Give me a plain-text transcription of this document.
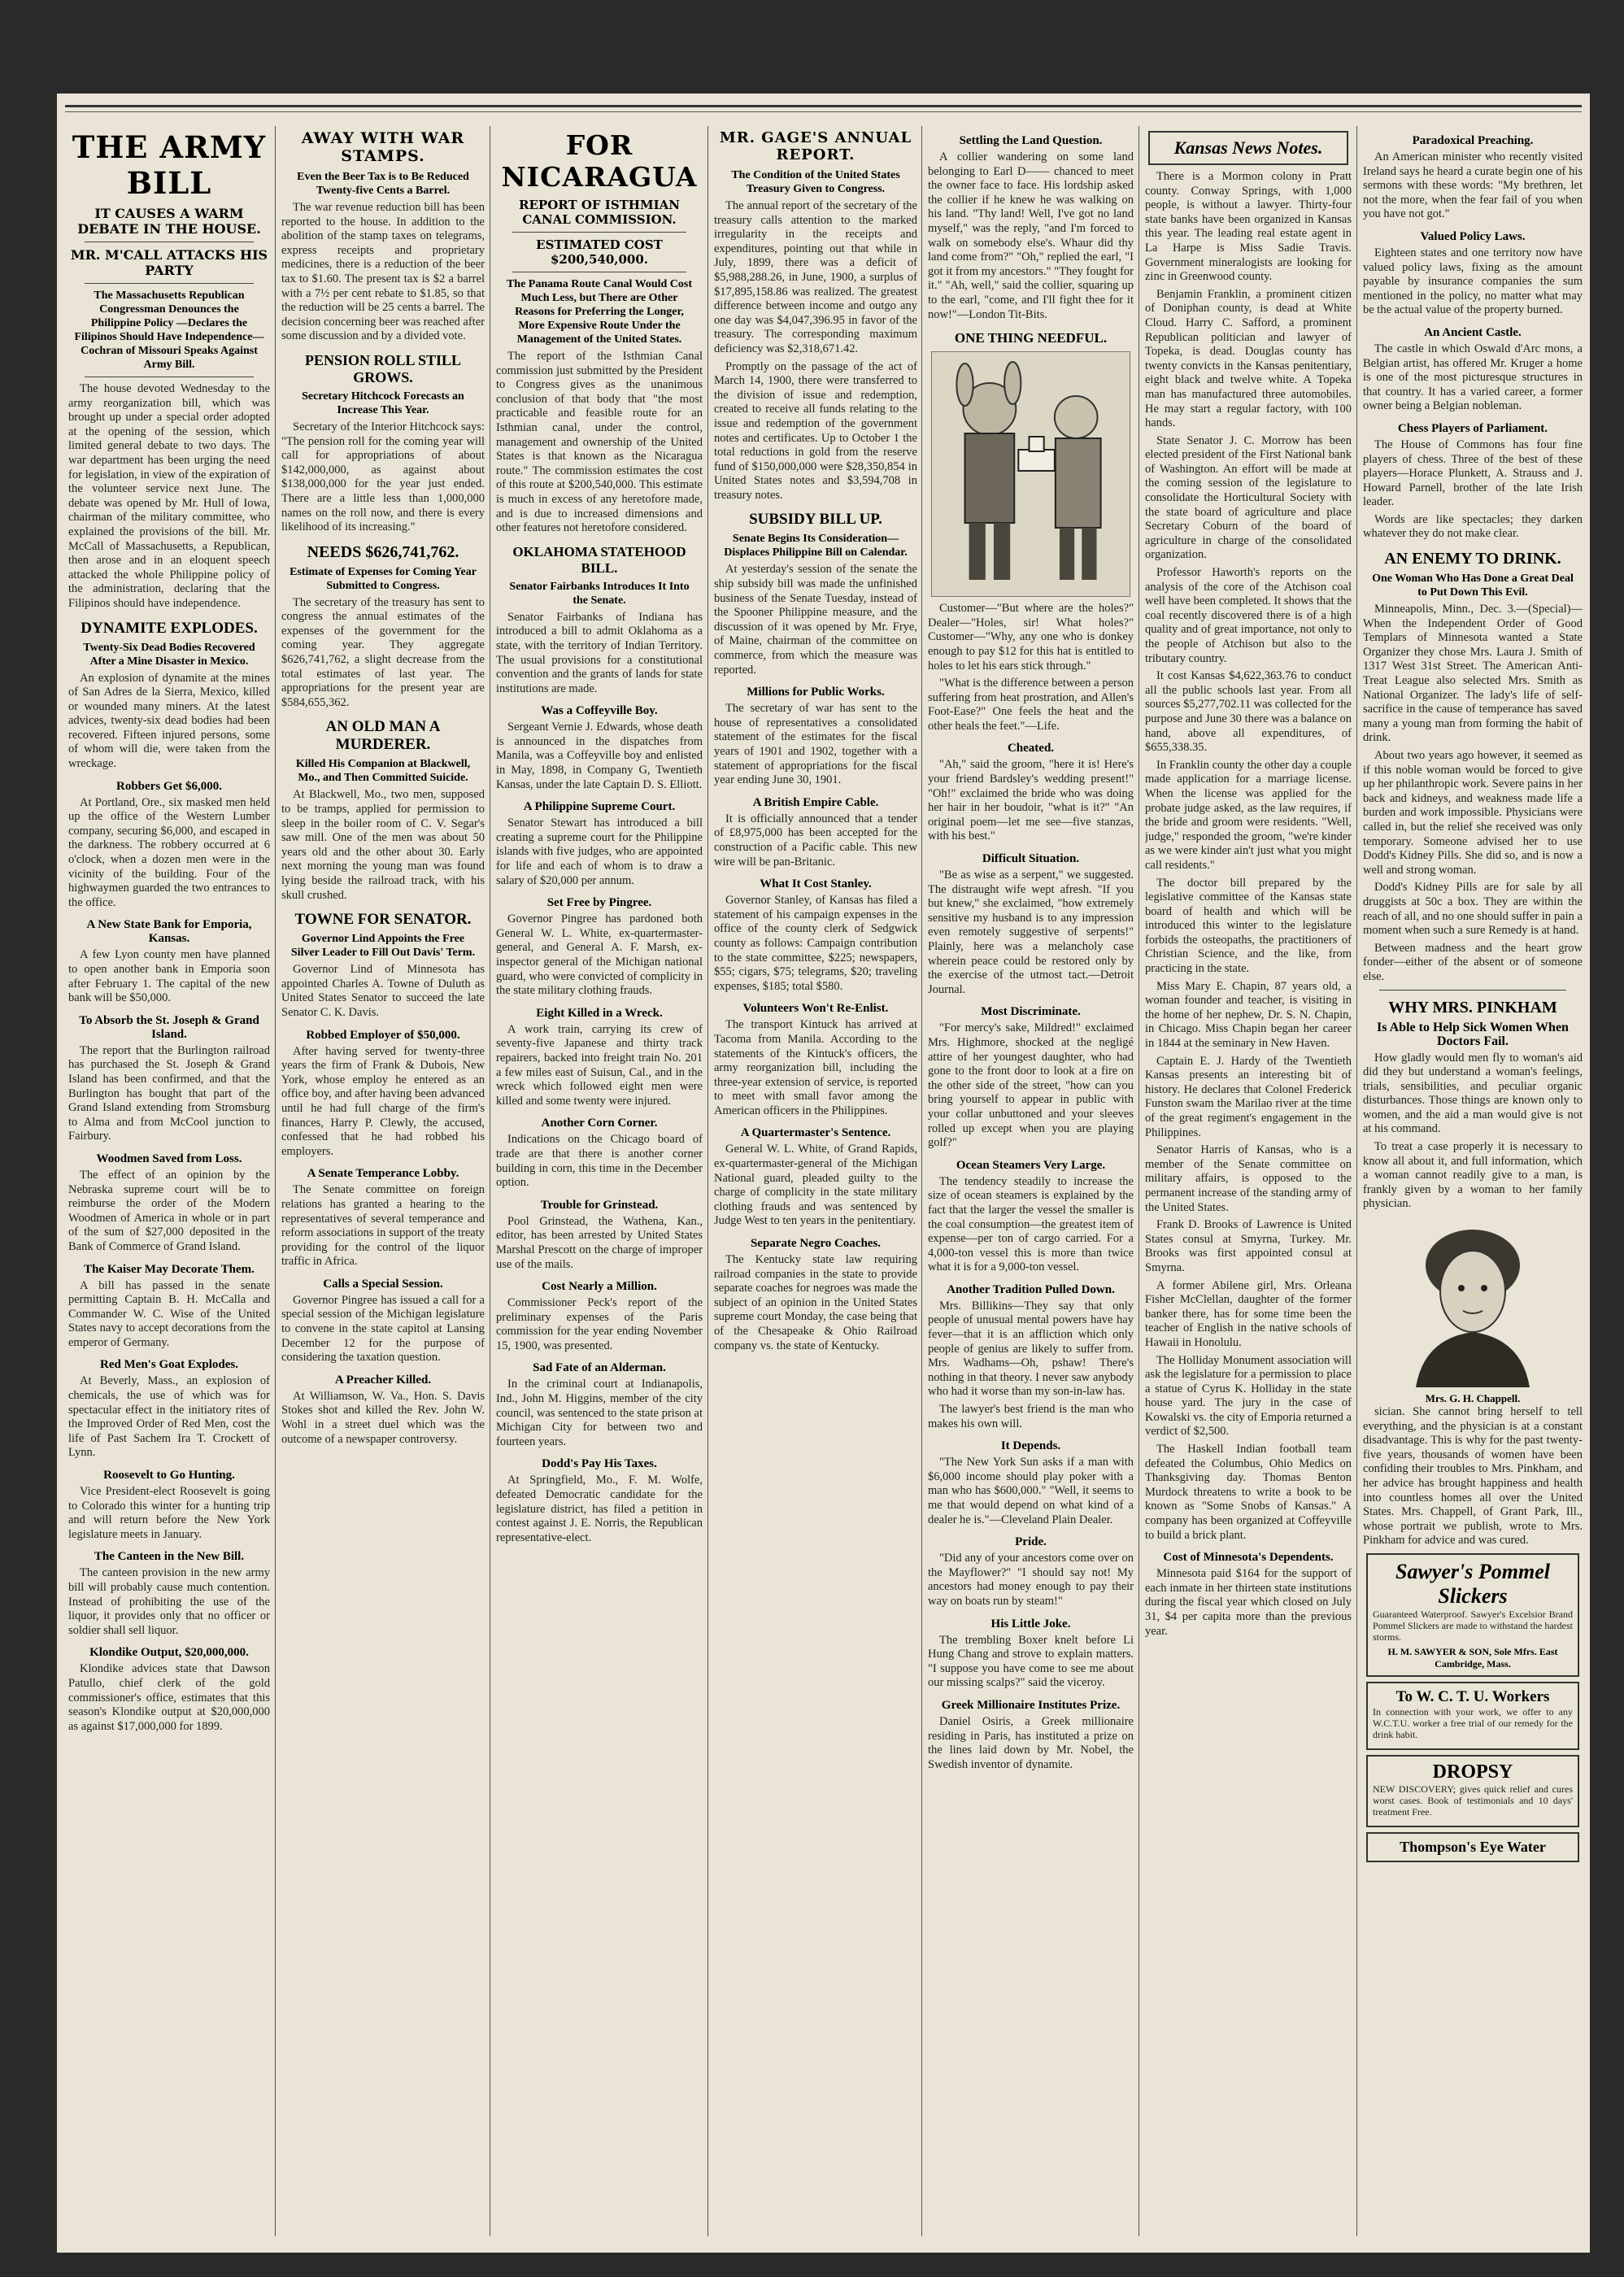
THE ARMY BILL
IT CAUSES A WARM DEBATE IN THE HOUSE.
MR. M'CALL ATTACKS HIS PARTY
The Massachusetts Republican Congressman Denounces the Philippine Policy —Declares the Filipinos Should Have Independence—Cochran of Missouri Speaks Against Army Bill.

The house devoted Wednesday to the army reorganization bill, which was brought up under a special order adopted at the opening of the session, which limited general debate to two days. The war department has been urging the need for legislation, in view of the expiration of the volunteer service next June. The debate was opened by Mr. Hull of Iowa, chairman of the military committee, who explained the provisions of the bill. Mr. McCall of Massachusetts, a Republican, then arose and in an eloquent speech attacked the whole Philippine policy of the administration, declaring that the Filipinos should have independence.

DYNAMITE EXPLODES.
Twenty-Six Dead Bodies Recovered After a Mine Disaster in Mexico.

An explosion of dynamite at the mines of San Adres de la Sierra, Mexico, killed or wounded many miners. At the latest advices, twenty-six dead bodies had been recovered. Fifteen injured persons, some of whom will die, were taken from the wreckage.

Robbers Get $6,000.

At Portland, Ore., six masked men held up the office of the Western Lumber company, securing $6,000, and escaped in the darkness. The robbery occurred at 6 o'clock, when a dozen men were in the vicinity of the building. Four of the highwaymen guarded the two entrances to the office.

A New State Bank for Emporia, Kansas.

A few Lyon county men have planned to open another bank in Emporia soon after February 1. The capital of the new bank will be $50,000.

To Absorb the St. Joseph & Grand Island.

The report that the Burlington railroad has purchased the St. Joseph & Grand Island has been confirmed, and that the Burlington has bought that part of the Grand Island extending from Stromsburg to Alma and from McCool junction to Fairbury.

Woodmen Saved from Loss.

The effect of an opinion by the Nebraska supreme court will be to reimburse the order of the Modern Woodmen of America in whole or in part of the sum of $27,000 deposited in the Bank of Commerce of Grand Island.

The Kaiser May Decorate Them.

A bill has passed in the senate permitting Captain B. H. McCalla and Commander W. C. Wise of the United States navy to accept decorations from the emperor of Germany.

Red Men's Goat Explodes.

At Beverly, Mass., an explosion of chemicals, the use of which was for spectacular effect in the initiatory rites of the Improved Order of Red Men, cost the life of Past Sachem Ira T. Crockett of Lynn.

Roosevelt to Go Hunting.

Vice President-elect Roosevelt is going to Colorado this winter for a hunting trip and will return before the New York legislature meets in January.

The Canteen in the New Bill.

The canteen provision in the new army bill will probably cause much contention. Instead of prohibiting the use of the liquor, it provides only that no officer or soldier shall sell liquor.

Klondike Output, $20,000,000.

Klondike advices state that Dawson Patullo, chief clerk of the gold commissioner's office, estimates that this season's Klondike output at $20,000,000 as against $17,000,000 for 1899.

AWAY WITH WAR STAMPS.
Even the Beer Tax is to Be Reduced Twenty-five Cents a Barrel.

The war revenue reduction bill has been reported to the house. In addition to the abolition of the stamp taxes on telegrams, express receipts and proprietary medicines, there is a reduction of the beer tax to $1.60. The present tax is $2 a barrel with a 7½ per cent rebate to $1.85, so that the reduction will be 25 cents a barrel. The decision concerning beer was reached after some discussion and by a divided vote.

PENSION ROLL STILL GROWS.
Secretary Hitchcock Forecasts an Increase This Year.

Secretary of the Interior Hitchcock says: "The pension roll for the coming year will call for appropriations of about $142,000,000, as against about $138,000,000 for the year just ended. There are a little less than 1,000,000 names on the roll now, and there is every likelihood of its increasing."

NEEDS $626,741,762.
Estimate of Expenses for Coming Year Submitted to Congress.

The secretary of the treasury has sent to congress the annual estimates of the expenses of the government for the coming year. They aggregate $626,741,762, a slight decrease from the total estimates of last year. The appropriations for the present year are $584,655,362.

AN OLD MAN A MURDERER.
Killed His Companion at Blackwell, Mo., and Then Committed Suicide.

At Blackwell, Mo., two men, supposed to be tramps, applied for permission to sleep in the boiler room of C. V. Segar's saw mill. One of the men was about 50 years old and the other about 30. Early next morning the young man was found lying beside the railroad track, with his skull crushed.

TOWNE FOR SENATOR.
Governor Lind Appoints the Free Silver Leader to Fill Out Davis' Term.

Governor Lind of Minnesota has appointed Charles A. Towne of Duluth as United States Senator to succeed the late Senator C. K. Davis.

Robbed Employer of $50,000.

After having served for twenty-three years the firm of Frank & Dubois, New York, whose employ he entered as an office boy, and after having been advanced until he had full charge of the firm's finances, Harry P. Clewly, the accused, confessed that he had robbed his employers.

A Senate Temperance Lobby.

The Senate committee on foreign relations has granted a hearing to the representatives of several temperance and reform associations in support of the treaty providing for the control of the liquor traffic in Africa.

Calls a Special Session.

Governor Pingree has issued a call for a special session of the Michigan legislature to convene in the state capitol at Lansing December 12 for the purpose of considering the taxation question.

A Preacher Killed.

At Williamson, W. Va., Hon. S. Davis Stokes shot and killed the Rev. John W. Wohl in a street duel which was the outcome of a newspaper controversy.

FOR NICARAGUA
REPORT OF ISTHMIAN CANAL COMMISSION.
ESTIMATED COST $200,540,000.
The Panama Route Canal Would Cost Much Less, but There are Other Reasons for Preferring the Longer, More Expensive Route Under the Management of the United States.

The report of the Isthmian Canal commission just submitted by the President to Congress gives as the unanimous conclusion of that body that "the most practicable and feasible route for an Isthmian canal, under the control, management and ownership of the United States is that known as the Nicaragua route." The commission estimates the cost of this route at $200,540,000. This estimate is much in excess of any heretofore made, and is due to increased dimensions and other features not heretofore considered.

OKLAHOMA STATEHOOD BILL.
Senator Fairbanks Introduces It Into the Senate.

Senator Fairbanks of Indiana has introduced a bill to admit Oklahoma as a state, with the territory of Indian Territory. The usual provisions for a constitutional convention and the grants of lands for state institutions are made.

Was a Coffeyville Boy.

Sergeant Vernie J. Edwards, whose death is announced in the dispatches from Manila, was a Coffeyville boy and enlisted in May, 1898, in Company G, Twentieth Kansas, under the late Captain D. S. Elliott.

A Philippine Supreme Court.

Senator Stewart has introduced a bill creating a supreme court for the Philippine islands with five judges, who are appointed for life and each of whom is to draw a salary of $20,000 per annum.

Set Free by Pingree.

Governor Pingree has pardoned both General W. L. White, ex-quartermaster-general, and General A. F. Marsh, ex-inspector general of the Michigan national guard, who were convicted of complicity in the state military clothing frauds.

Eight Killed in a Wreck.

A work train, carrying its crew of seventy-five Japanese and thirty track repairers, backed into freight train No. 201 a few miles east of Suisun, Cal., and in the wreck which followed eight men were killed and some twenty were injured.

Another Corn Corner.

Indications on the Chicago board of trade are that there is another corner building in corn, this time in the December option.

Trouble for Grinstead.

Pool Grinstead, the Wathena, Kan., editor, has been arrested by United States Marshal Prescott on the charge of improper use of the mails.

Cost Nearly a Million.

Commissioner Peck's report of the preliminary expenses of the Paris commission for the year ending November 15, 1900, was presented.

Sad Fate of an Alderman.

In the criminal court at Indianapolis, Ind., John M. Higgins, member of the city council, was sentenced to the state prison at Michigan City for between two and fourteen years.

Dodd's Pay His Taxes.

At Springfield, Mo., F. M. Wolfe, defeated Democratic candidate for the legislature district, has filed a petition in contest against J. E. Norris, the Republican representative-elect.

MR. GAGE'S ANNUAL REPORT.
The Condition of the United States Treasury Given to Congress.

The annual report of the secretary of the treasury calls attention to the marked irregularity in the receipts and expenditures, pointing out that while in July, 1899, there was a deficit of $5,988,288.26, in June, 1900, a surplus of $17,895,158.86 was realized. The greatest difference between income and outgo any one day was $4,047,396.95 in favor of the treasury. The corresponding maximum deficiency was $2,318,671.42.

Promptly on the passage of the act of March 14, 1900, there were transferred to the division of issue and redemption, created to receive all funds relating to the issue and redemption of the government notes and certificates. Up to October 1 the total reductions in gold from the reserve fund of $150,000,000 were $28,350,854 in United States notes and $3,594,708 in treasury notes.

SUBSIDY BILL UP.
Senate Begins Its Consideration—Displaces Philippine Bill on Calendar.

At yesterday's session of the senate the ship subsidy bill was made the unfinished business of the Senate Tuesday, instead of the Spooner Philippine measure, and the discussion of it was opened by Mr. Frye, of Maine, chairman of the committee on commerce, from which the measure was reported.

Millions for Public Works.

The secretary of war has sent to the house of representatives a consolidated statement of the estimates for the fiscal years of 1901 and 1902, together with a statement of appropriations for the fiscal year ending June 30, 1901.

A British Empire Cable.

It is officially announced that a tender of £8,975,000 has been accepted for the construction of a Pacific cable. This new wire will be pan-Britanic.

What It Cost Stanley.

Governor Stanley, of Kansas has filed a statement of his campaign expenses in the office of the county clerk of Sedgwick county as follows: Campaign contribution to the state committee, $225; newspapers, $55; cigars, $75; telegrams, $20; traveling expenses, $185; total $580.

Volunteers Won't Re-Enlist.

The transport Kintuck has arrived at Tacoma from Manila. According to the statements of the Kintuck's officers, the army reorganization bill, including the three-year extension of service, is reported to meet with small favor among the American officers in the Philippines.

A Quartermaster's Sentence.

General W. L. White, of Grand Rapids, ex-quartermaster-general of the Michigan National guard, pleaded guilty to the charge of complicity in the state military clothing frauds and was sentenced by Judge West to ten years in the penitentiary.

Separate Negro Coaches.

The Kentucky state law requiring railroad companies in the state to provide separate coaches for negroes was made the subject of an opinion in the United States supreme court Monday, the case being that of the Chesapeake & Ohio Railroad company vs. the state of Kentucky.

Settling the Land Question.

A collier wandering on some land belonging to Earl D—— chanced to meet the owner face to face. His lordship asked the collier if he knew he was walking on his land. "Thy land! Well, I've got no land myself," was the reply, "and I'm forced to walk on somebody else's. Whaur did thy land come from?" "Oh," replied the earl, "I got it from my ancestors." "They fought for it." "Ah, well," said the collier, squaring up to the earl, "come, and I'll fight thee for it now!"—London Tit-Bits.

ONE THING NEEDFUL.

Customer—"But where are the holes?" Dealer—"Holes, sir! What holes?" Customer—"Why, any one who is donkey enough to pay $12 for this hat is entitled to holes to let his ears stick through."

"What is the difference between a person suffering from heat prostration, and Allen's Foot-Ease?" One feels the heat and the other heals the feet."—Life.

Cheated.

"Ah," said the groom, "here it is! Here's your friend Bardsley's wedding present!" "Oh!" exclaimed the bride who was doing her hair in her boudoir, "what is it?" "An original poem—let me see—five stanzas, with his best."

Difficult Situation.

"Be as wise as a serpent," we suggested. The distraught wife wept afresh. "If you but knew," she exclaimed, "how extremely sensitive my husband is to any impression even remotely suggestive of serpents!" Plainly, here was a melancholy case wherein peace could be restored only by the exercise of the utmost tact.—Detroit Journal.

Most Discriminate.

"For mercy's sake, Mildred!" exclaimed Mrs. Highmore, shocked at the negligé attire of her youngest daughter, who had gone to the front door to look at a fire on the other side of the street, "how can you bring yourself to appear in public with your collar unbuttoned and your sleeves rolled up except when you are playing golf?"

Ocean Steamers Very Large.

The tendency steadily to increase the size of ocean steamers is explained by the fact that the larger the vessel the smaller is the coal consumption—the greatest item of expense—per ton of cargo carried. For a 4,000-ton vessel this is more than twice what it is for a 9,000-ton vessel.

Another Tradition Pulled Down.

Mrs. Billikins—They say that only people of unusual mental powers have hay fever—that it is an affliction which only people of genius are likely to suffer from. Mrs. Wadhams—Oh, pshaw! There's nothing in that theory. I never saw anybody who had it worse than my son-in-law has.

The lawyer's best friend is the man who makes his own will.

It Depends.

"The New York Sun asks if a man with $6,000 income should play poker with a man who has $600,000." "Well, it seems to me that would depend on what kind of a dealer he is."—Cleveland Plain Dealer.

Pride.

"Did any of your ancestors come over on the Mayflower?" "I should say not! My ancestors had money enough to pay their way on boats run by steam!"

His Little Joke.

The trembling Boxer knelt before Li Hung Chang and strove to explain matters. "I suppose you have come to see me about our missing scalps?" said the viceroy.

Greek Millionaire Institutes Prize.

Daniel Osiris, a Greek millionaire residing in Paris, has instituted a prize on the lines laid down by Mr. Nobel, the Swedish inventor of dynamite.

Kansas News Notes.

There is a Mormon colony in Pratt county. Conway Springs, with 1,000 people, is without a lawyer. Thirty-four state banks have been organized in Kansas this year. The leading real estate agent in La Harpe is Miss Sadie Travis. Government mineralogists are looking for zinc in Greenwood county.

Benjamin Franklin, a prominent citizen of Doniphan county, is dead at White Cloud. Harry C. Safford, a prominent Republican politician and lawyer of Topeka, is dead. Douglas county has twenty convicts in the Kansas penitentiary, eight black and twelve white. A Topeka man has manufactured three automobiles. He may start a regular factory, with 100 hands.

State Senator J. C. Morrow has been elected president of the First National bank of Washington. An effort will be made at the coming session of the legislature to consolidate the Horticultural Society with the state board of agriculture and place Secretary Coburn of the board of agriculture in charge of the consolidated organization.

Professor Haworth's reports on the analysis of the core of the Atchison coal well have been completed. It shows that the coal recently discovered there is of a high quality and of great importance, not only to the people of Atchison but also to the tributary country.

It cost Kansas $4,622,363.76 to conduct all the public schools last year. From all sources $5,277,702.11 was collected for the purpose and June 30 there was a balance on hand, above all expenditures, of $655,338.35.

In Franklin county the other day a couple made application for a marriage license. When the license was applied for the probate judge asked, as the law requires, if the bride and groom were residents. "Well, judge," responded the groom, "we're kinder as we were kinder ain't just what you might call residents."

The doctor bill prepared by the legislative committee of the Kansas state board of health and which will be introduced this winter to the legislature forbids the osteopaths, the practitioners of Christian Science, and the like, from practicing in the state.

Miss Mary E. Chapin, 87 years old, a woman founder and teacher, is visiting in the home of her nephew, Dr. S. N. Chapin, in Chicago. Miss Chapin began her career in 1844 at the seminary in New Haven.

Captain E. J. Hardy of the Twentieth Kansas presents an interesting bit of history. He declares that Colonel Frederick Funston swam the Marilao river at the time of the great regiment's engagement in the Philippines.

Senator Harris of Kansas, who is a member of the Senate committee on military affairs, is opposed to the permanent increase of the standing army of the United States.

Frank D. Brooks of Lawrence is United States consul at Smyrna, Turkey. Mr. Brooks was first appointed consul at Smyrna.

A former Abilene girl, Mrs. Orleana Fisher McClellan, daughter of the former banker there, has for some time been the teacher of English in the native schools of Hawaii in Honolulu.

The Holliday Monument association will ask the legislature for a permission to place a statue of Cyrus K. Holliday in the state house yard. The jury in the case of Kowalski vs. the city of Emporia returned a verdict of $2,500.

The Haskell Indian football team defeated the Columbus, Ohio Medics on Thanksgiving day. Thomas Benton Murdock threatens to write a book to be known as "Some Snobs of Kansas." A company has been organized at Coffeyville to build a brick plant.

Cost of Minnesota's Dependents.

Minnesota paid $164 for the support of each inmate in her thirteen state institutions during the fiscal year which closed on July 31, $4 per capita more than the previous year.

Paradoxical Preaching.

An American minister who recently visited Ireland says he heard a curate begin one of his sermons with these words: "My brethren, let not the more, when the fear fail of you when you have not got."

Valued Policy Laws.

Eighteen states and one territory now have valued policy laws, fixing as the amount payable by insurance companies the sum mentioned in the policy, no matter what may be the actual value of the property burned.

An Ancient Castle.

The castle in which Oswald d'Arc mons, a Belgian artist, has offered Mr. Kruger a home is one of the most picturesque structures in that country. It has a varied career, a former owner being a Belgian nobleman.

Chess Players of Parliament.

The House of Commons has four fine players of chess. Three of the best of these players—Horace Plunkett, A. Strauss and J. Howard Parnell, brother of the late Irish leader.

Words are like spectacles; they darken whatever they do not make clear.

AN ENEMY TO DRINK.
One Woman Who Has Done a Great Deal to Put Down This Evil.

Minneapolis, Minn., Dec. 3.—(Special)—When the Independent Order of Good Templars of Minnesota wanted a State Organizer they chose Mrs. Laura J. Smith of 1317 West 31st Street. The American Anti-Treat League also selected Mrs. Smith as National Organizer. The lady's life of self-sacrifice in the cause of temperance has saved many a young man from forming the habit of drink.

About two years ago however, it seemed as if this noble woman would be forced to give up her philanthropic work. Severe pains in her back and kidneys, and weakness made life a burden and work impossible. Physicians were called in, but the relief she received was only temporary. Someone advised her to use Dodd's Kidney Pills. She did so, and is now a well and strong woman.

Dodd's Kidney Pills are for sale by all druggists at 50c a box. They are within the reach of all, and no one should suffer in pain a moment when such a sure Remedy is at hand.

Between madness and the heart grow fonder—either of the absent or of someone else.

WHY MRS. PINKHAM
Is Able to Help Sick Women When Doctors Fail.

How gladly would men fly to woman's aid did they but understand a woman's feelings, trials, sensibilities, and peculiar organic disturbances. Those things are known only to women, and the aid a man would give is not at his command.

To treat a case properly it is necessary to know all about it, and full information, which a woman cannot readily give to a man, is frankly given by a woman to her family physician.

Mrs. G. H. Chappell.

sician. She cannot bring herself to tell everything, and the physician is at a constant disadvantage. This is why for the past twenty-five years, thousands of women have been confiding their troubles to Mrs. Pinkham, and her advice has brought happiness and health into countless homes all over the United States. Mrs. Chappell, of Grant Park, Ill., whose portrait we publish, wrote to Mrs. Pinkham for advice and was cured.

Sawyer's Pommel Slickers

Guaranteed Waterproof. Sawyer's Excelsior Brand Pommel Slickers are made to withstand the hardest storms.

H. M. SAWYER & SON, Sole Mfrs. East Cambridge, Mass.
To W. C. T. U. Workers

In connection with your work, we offer to any W.C.T.U. worker a free trial of our remedy for the drink habit.

DROPSY

NEW DISCOVERY; gives quick relief and cures worst cases. Book of testimonials and 10 days' treatment Free.

Thompson's Eye Water
